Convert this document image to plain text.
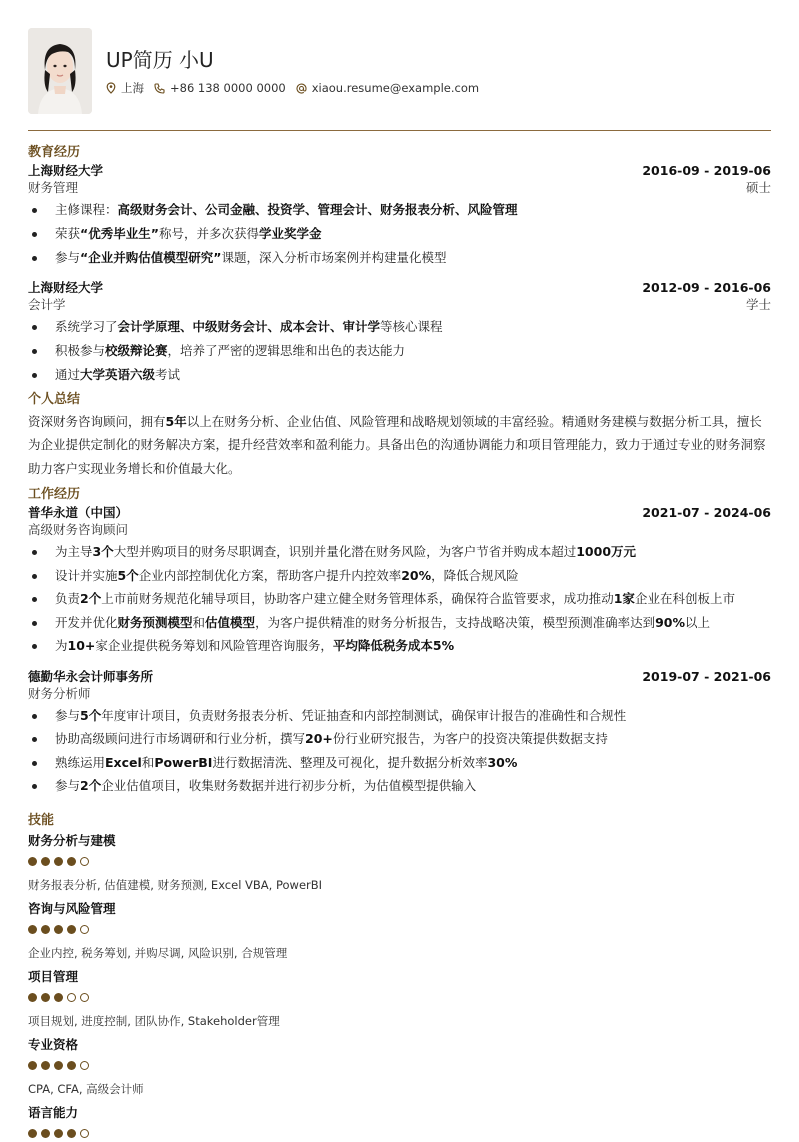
UP简历 小U
上海 +86 138 0000 0000 xiaou.resume@example.com
教育经历
上海财经大学	2016-09 - 2019-06
财务管理	硕士
主修课程：高级财务会计、公司金融、投资学、管理会计、财务报表分析、风险管理
荣获“优秀毕业生”称号，并多次获得学业奖学金
参与“企业并购估值模型研究”课题，深入分析市场案例并构建量化模型
上海财经大学	2012-09 - 2016-06
会计学	学士
系统学习了会计学原理、中级财务会计、成本会计、审计学等核心课程
积极参与校级辩论赛，培养了严密的逻辑思维和出色的表达能力
通过大学英语六级考试
个人总结
资深财务咨询顾问，拥有5年以上在财务分析、企业估值、风险管理和战略规划领域的丰富经验。精通财务建模与数据分析工具，擅长为企业提供定制化的财务解决方案，提升经营效率和盈利能力。具备出色的沟通协调能力和项目管理能力，致力于通过专业的财务洞察助力客户实现业务增长和价值最大化。
工作经历
普华永道（中国）	2021-07 - 2024-06
高级财务咨询顾问
为主导3个大型并购项目的财务尽职调查，识别并量化潜在财务风险，为客户节省并购成本超过1000万元
设计并实施5个企业内部控制优化方案，帮助客户提升内控效率20%，降低合规风险
负责2个上市前财务规范化辅导项目，协助客户建立健全财务管理体系，确保符合监管要求，成功推动1家企业在科创板上市
开发并优化财务预测模型和估值模型，为客户提供精准的财务分析报告，支持战略决策，模型预测准确率达到90%以上
为10+家企业提供税务筹划和风险管理咨询服务，平均降低税务成本5%
德勤华永会计师事务所	2019-07 - 2021-06
财务分析师
参与5个年度审计项目，负责财务报表分析、凭证抽查和内部控制测试，确保审计报告的准确性和合规性
协助高级顾问进行市场调研和行业分析，撰写20+份行业研究报告，为客户的投资决策提供数据支持
熟练运用Excel和PowerBI进行数据清洗、整理及可视化，提升数据分析效率30%
参与2个企业估值项目，收集财务数据并进行初步分析，为估值模型提供输入
技能
财务分析与建模
财务报表分析, 估值建模, 财务预测, Excel VBA, PowerBI
咨询与风险管理
企业内控, 税务筹划, 并购尽调, 风险识别, 合规管理
项目管理
项目规划, 进度控制, 团队协作, Stakeholder管理
专业资格
CPA, CFA, 高级会计师
语言能力
